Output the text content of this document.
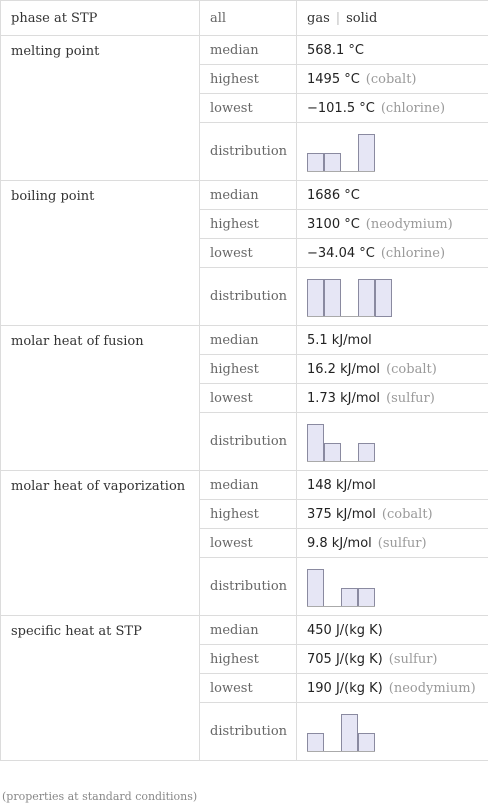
phase at STP	all	gas | solid
melting point	median	568.1 °C
	highest	1495 °C (cobalt)
	lowest	−101.5 °C (chlorine)
	distribution	

boiling point	median	1686 °C
	highest	3100 °C (neodymium)
	lowest	−34.04 °C (chlorine)
	distribution	

molar heat of fusion	median	5.1 kJ/mol
	highest	16.2 kJ/mol (cobalt)
	lowest	1.73 kJ/mol (sulfur)
	distribution	

molar heat of vaporization	median	148 kJ/mol
	highest	375 kJ/mol (cobalt)
	lowest	9.8 kJ/mol (sulfur)
	distribution	

specific heat at STP	median	450 J/(kg K)
	highest	705 J/(kg K) (sulfur)
	lowest	190 J/(kg K) (neodymium)
	distribution	
(properties at standard conditions)
